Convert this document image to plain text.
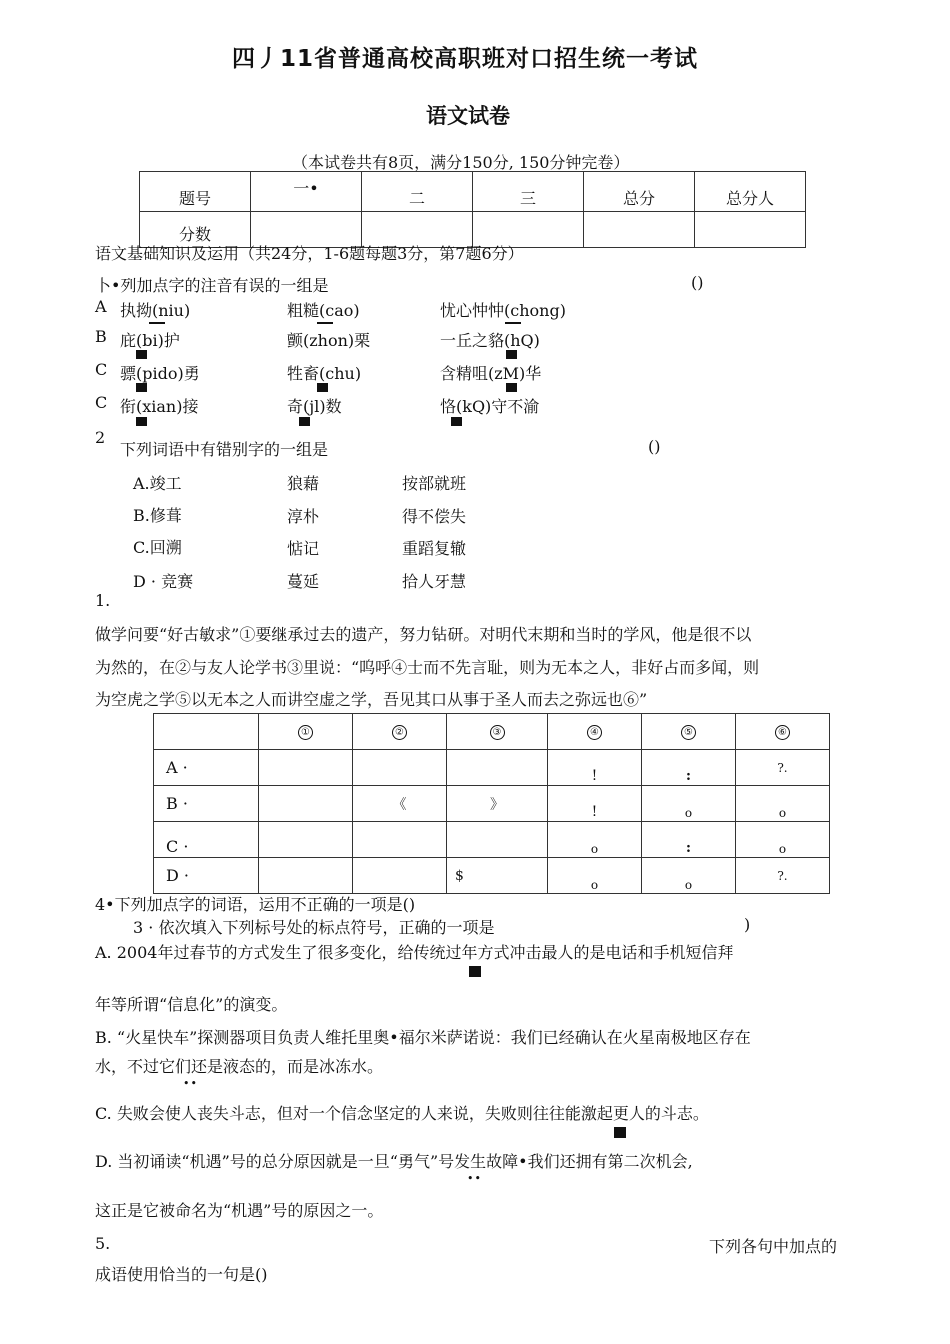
四丿11省普通高校高职班对口招生统一考试
语文试卷
（本试卷共有8页，满分150分, 150分钟完卷）
题号	一•	二	三	总分	总分人
分数					
语文基础知识及运用（共24分，1-6题每题3分，第7题6分）
卜•列加点字的注音有误的一组是	()
A 执拗(niu)	粗糙(cao)	忧心忡忡(chong)
B 庇(bi)护	颤(zhon)栗	一丘之貉(hQ)
C 骠(pido)勇	牲畜(chu)	含精咀(zM)华
C 衔(xian)接	奇(jl)数	恪(kQ)守不渝
2
下列词语中有错别字的一组是	()
A.竣工	狼藉	按部就班
B.修葺	淳朴	得不偿失
C.回溯	惦记	重蹈复辙
D · 竞赛	蔓延	拾人牙慧
1.
做学问要“好古敏求”①要继承过去的遗产，努力钻研。对明代末期和当时的学风，他是很不以
为然的，在②与友人论学书③里说：“呜呼④士而不先言耻，则为无本之人，非好占而多闻，则
为空虎之学⑤以无本之人而讲空虚之学，吾见其口从事于圣人而去之弥远也⑥”
	①	②	③	④	⑤	⑥
A ·				!	:	?.
B ·		《	》	!	o	o
C ·				o	:	o
D ·			$	o	o	?.
4•下列加点字的词语，运用不正确的一项是()
3 · 依次填入下列标号处的标点符号，正确的一项是	)
A. 2004年过春节的方式发生了很多变化，给传统过年方式冲击最人的是电话和手机短信拜
年等所谓“信息化”的演变。
B. “火星快车”探测器项目负责人维托里奥•福尔米萨诺说：我们已经确认在火星南极地区存在
水，不过它们还是液态的，而是冰冻水。
••
C. 失败会使人丧失斗志，但对一个信念坚定的人来说，失败则往往能激起更人的斗志。
D. 当初诵读“机遇”号的总分原因就是一旦“勇气”号发生故障•我们还拥有第二次机会,
••
这正是它被命名为“机遇”号的原因之一。
5.	下列各句中加点的
成语使用恰当的一句是()
